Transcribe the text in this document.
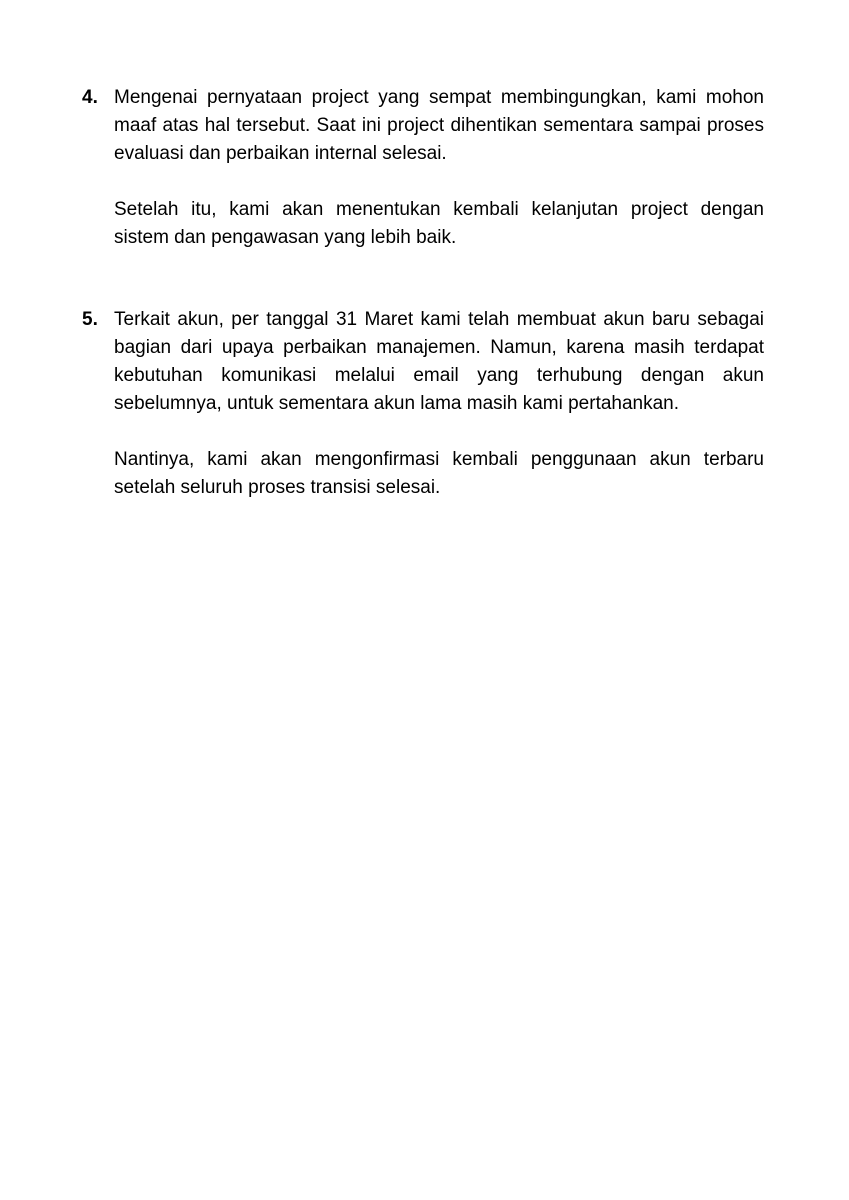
4. Mengenai pernyataan project yang sempat membingungkan, kami mohon maaf atas hal tersebut. Saat ini project dihentikan sementara sampai proses evaluasi dan perbaikan internal selesai.

Setelah itu, kami akan menentukan kembali kelanjutan project dengan sistem dan pengawasan yang lebih baik.

5. Terkait akun, per tanggal 31 Maret kami telah membuat akun baru sebagai bagian dari upaya perbaikan manajemen. Namun, karena masih terdapat kebutuhan komunikasi melalui email yang terhubung dengan akun sebelumnya, untuk sementara akun lama masih kami pertahankan.

Nantinya, kami akan mengonfirmasi kembali penggunaan akun terbaru setelah seluruh proses transisi selesai.
